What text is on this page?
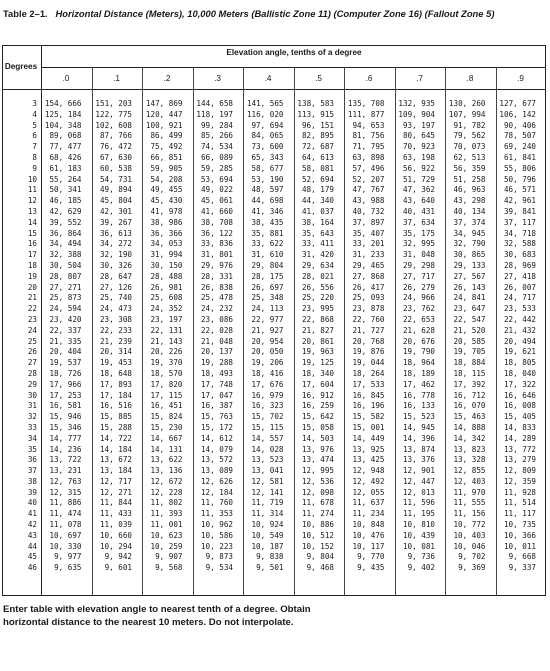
Table 2–1. Horizontal Distance (Meters), 10,000 Meters (Ballistic Zone 11) (Computer Zone 16) (Fallout Zone 5)
Degrees
Elevation angle, tenths of a degree
.0	.1	.2	.3	.4	.5	.6	.7	.8	.9
3	154, 666	151, 203	147, 869	144, 658	141, 565	138, 583	135, 708	132, 935	130, 260	127, 677
4	125, 184	122, 775	120, 447	118, 197	116, 020	113, 915	111, 877	109, 904	107, 994	106, 142
5	104, 348	102, 608	100, 921	99, 284	97, 694	96, 151	94, 653	93, 197	91, 782	90, 406
6	89, 068	87, 766	86, 499	85, 266	84, 065	82, 895	81, 756	80, 645	79, 562	78, 507
7	77, 477	76, 472	75, 492	74, 534	73, 600	72, 687	71, 795	70, 923	70, 073	69, 240
8	68, 426	67, 630	66, 851	66, 089	65, 343	64, 613	63, 898	63, 198	62, 513	61, 841
9	61, 183	60, 538	59, 905	59, 285	58, 677	58, 081	57, 496	56, 922	56, 359	55, 806
10	55, 264	54, 731	54, 208	53, 694	53, 190	52, 694	52, 207	51, 729	51, 258	50, 796
11	50, 341	49, 894	49, 455	49, 022	48, 597	48, 179	47, 767	47, 362	46, 963	46, 571
12	46, 185	45, 804	45, 430	45, 061	44, 698	44, 340	43, 988	43, 640	43, 298	42, 961
13	42, 629	42, 301	41, 978	41, 660	41, 346	41, 037	40, 732	40, 431	40, 134	39, 841
14	39, 552	39, 267	38, 986	38, 708	38, 435	38, 164	37, 897	37, 634	37, 374	37, 117
15	36, 864	36, 613	36, 366	36, 122	35, 881	35, 643	35, 407	35, 175	34, 945	34, 718
16	34, 494	34, 272	34, 053	33, 836	33, 622	33, 411	33, 201	32, 995	32, 790	32, 588
17	32, 388	32, 190	31, 994	31, 801	31, 610	31, 420	31, 233	31, 048	30, 865	30, 683
18	30, 504	30, 326	30, 150	29, 976	29, 804	29, 634	29, 465	29, 298	29, 133	28, 969
19	28, 807	28, 647	28, 488	28, 331	28, 175	28, 021	27, 868	27, 717	27, 567	27, 418
20	27, 271	27, 126	26, 981	26, 838	26, 697	26, 556	26, 417	26, 279	26, 143	26, 007
21	25, 873	25, 740	25, 608	25, 478	25, 348	25, 220	25, 093	24, 966	24, 841	24, 717
22	24, 594	24, 473	24, 352	24, 232	24, 113	23, 995	23, 878	23, 762	23, 647	23, 533
23	23, 420	23, 308	23, 197	23, 086	22, 977	22, 868	22, 760	22, 653	22, 547	22, 442
24	22, 337	22, 233	22, 131	22, 028	21, 927	21, 827	21, 727	21, 628	21, 520	21, 432
25	21, 335	21, 239	21, 143	21, 048	20, 954	20, 861	20, 768	20, 676	20, 585	20, 494
26	20, 404	20, 314	20, 226	20, 137	20, 050	19, 963	19, 876	19, 790	19, 705	19, 621
27	19, 537	19, 453	19, 370	19, 288	19, 206	19, 125	19, 044	18, 964	18, 884	18, 805
28	18, 726	18, 648	18, 570	18, 493	18, 416	18, 340	18, 264	18, 189	18, 115	18, 040
29	17, 966	17, 893	17, 820	17, 748	17, 676	17, 604	17, 533	17, 462	17, 392	17, 322
30	17, 253	17, 184	17, 115	17, 047	16, 979	16, 912	16, 845	16, 778	16, 712	16, 646
31	16, 581	16, 516	16, 451	16, 387	16, 323	16, 259	16, 196	16, 133	16, 070	16, 008
32	15, 946	15, 885	15, 824	15, 763	15, 702	15, 642	15, 582	15, 523	15, 463	15, 405
33	15, 346	15, 288	15, 230	15, 172	15, 115	15, 058	15, 001	14, 945	14, 888	14, 833
34	14, 777	14, 722	14, 667	14, 612	14, 557	14, 503	14, 449	14, 396	14, 342	14, 289
35	14, 236	14, 184	14, 131	14, 079	14, 028	13, 976	13, 925	13, 874	13, 823	13, 772
36	13, 722	13, 672	13, 622	13, 572	13, 523	13, 474	13, 425	13, 376	13, 328	13, 279
37	13, 231	13, 184	13, 136	13, 089	13, 041	12, 995	12, 948	12, 901	12, 855	12, 809
38	12, 763	12, 717	12, 672	12, 626	12, 581	12, 536	12, 492	12, 447	12, 403	12, 359
39	12, 315	12, 271	12, 228	12, 184	12, 141	12, 098	12, 055	12, 013	11, 970	11, 928
40	11, 886	11, 844	11, 802	11, 760	11, 719	11, 678	11, 637	11, 596	11, 555	11, 514
41	11, 474	11, 433	11, 393	11, 353	11, 314	11, 274	11, 234	11, 195	11, 156	11, 117
42	11, 078	11, 039	11, 001	10, 962	10, 924	10, 886	10, 848	10, 810	10, 772	10, 735
43	10, 697	10, 660	10, 623	10, 586	10, 549	10, 512	10, 476	10, 439	10, 403	10, 366
44	10, 330	10, 294	10, 259	10, 223	10, 187	10, 152	10, 117	10, 081	10, 046	10, 011
45	9, 977	9, 942	9, 907	9, 873	9, 838	9, 804	9, 770	9, 736	9, 702	9, 668
46	9, 635	9, 601	9, 568	9, 534	9, 501	9, 468	9, 435	9, 402	9, 369	9, 337
Enter table with elevation angle to nearest tenth of a degree. Obtain horizontal distance to the nearest 10 meters. Do not interpolate.
